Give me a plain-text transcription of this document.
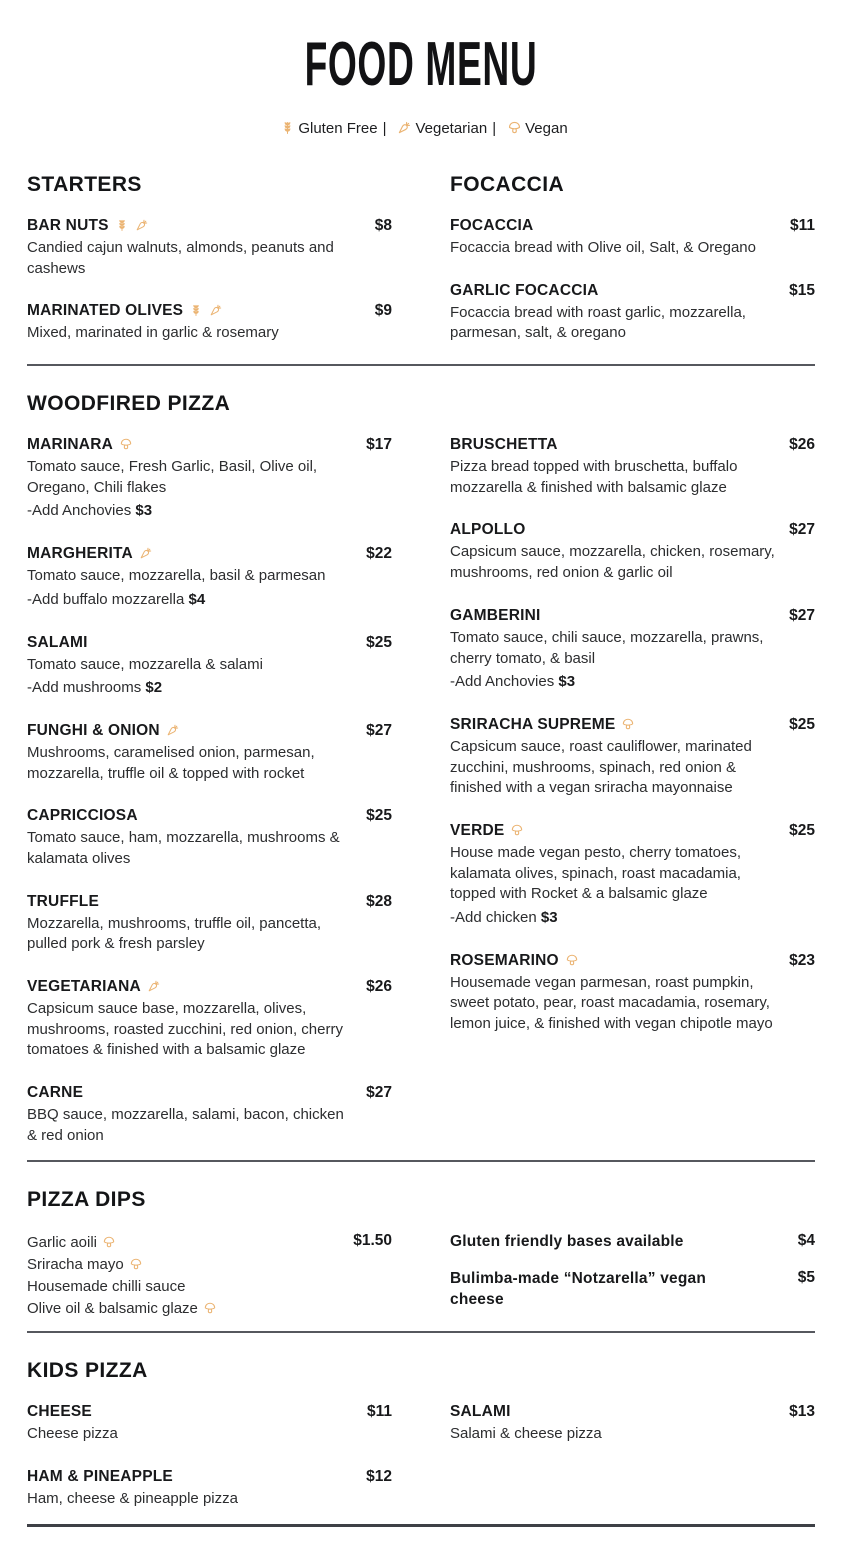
FOOD MENU
Gluten Free | Vegetarian | Vegan
STARTERS
BAR NUTS	$8
Candied cajun walnuts, almonds, peanuts and cashews
MARINATED OLIVES	$9
Mixed, marinated in garlic & rosemary
FOCACCIA
FOCACCIA	$11
Focaccia bread with Olive oil, Salt, & Oregano
GARLIC FOCACCIA	$15
Focaccia bread with roast garlic, mozzarella, parmesan, salt, & oregano
WOODFIRED PIZZA
MARINARA	$17
Tomato sauce, Fresh Garlic, Basil, Olive oil, Oregano, Chili flakes
-Add Anchovies $3
MARGHERITA	$22
Tomato sauce, mozzarella, basil & parmesan
-Add buffalo mozzarella $4
SALAMI	$25
Tomato sauce, mozzarella & salami
-Add mushrooms $2
FUNGHI & ONION	$27
Mushrooms, caramelised onion, parmesan, mozzarella, truffle oil & topped with rocket
CAPRICCIOSA	$25
Tomato sauce, ham, mozzarella, mushrooms & kalamata olives
TRUFFLE	$28
Mozzarella, mushrooms, truffle oil, pancetta, pulled pork & fresh parsley
VEGETARIANA	$26
Capsicum sauce base, mozzarella, olives, mushrooms, roasted zucchini, red onion, cherry tomatoes & finished with a balsamic glaze
CARNE	$27
BBQ sauce, mozzarella, salami, bacon, chicken & red onion
BRUSCHETTA	$26
Pizza bread topped with bruschetta, buffalo mozzarella & finished with balsamic glaze
ALPOLLO	$27
Capsicum sauce, mozzarella, chicken, rosemary, mushrooms, red onion & garlic oil
GAMBERINI	$27
Tomato sauce, chili sauce, mozzarella, prawns, cherry tomato, & basil
-Add Anchovies $3
SRIRACHA SUPREME	$25
Capsicum sauce, roast cauliflower, marinated zucchini, mushrooms, spinach, red onion & finished with a vegan sriracha mayonnaise
VERDE	$25
House made vegan pesto, cherry tomatoes, kalamata olives, spinach, roast macadamia, topped with Rocket & a balsamic glaze
-Add chicken $3
ROSEMARINO	$23
Housemade vegan parmesan, roast pumpkin, sweet potato, pear, roast macadamia, rosemary, lemon juice, & finished with vegan chipotle mayo
PIZZA DIPS
Garlic aoili
Sriracha mayo
Housemade chilli sauce
Olive oil & balsamic glaze
$1.50	Gluten friendly bases available	$4
Bulimba-made “Notzarella” vegan cheese
$5
KIDS PIZZA
CHEESE	$11
Cheese pizza
HAM & PINEAPPLE	$12
Ham, cheese & pineapple pizza
SALAMI	$13
Salami & cheese pizza
